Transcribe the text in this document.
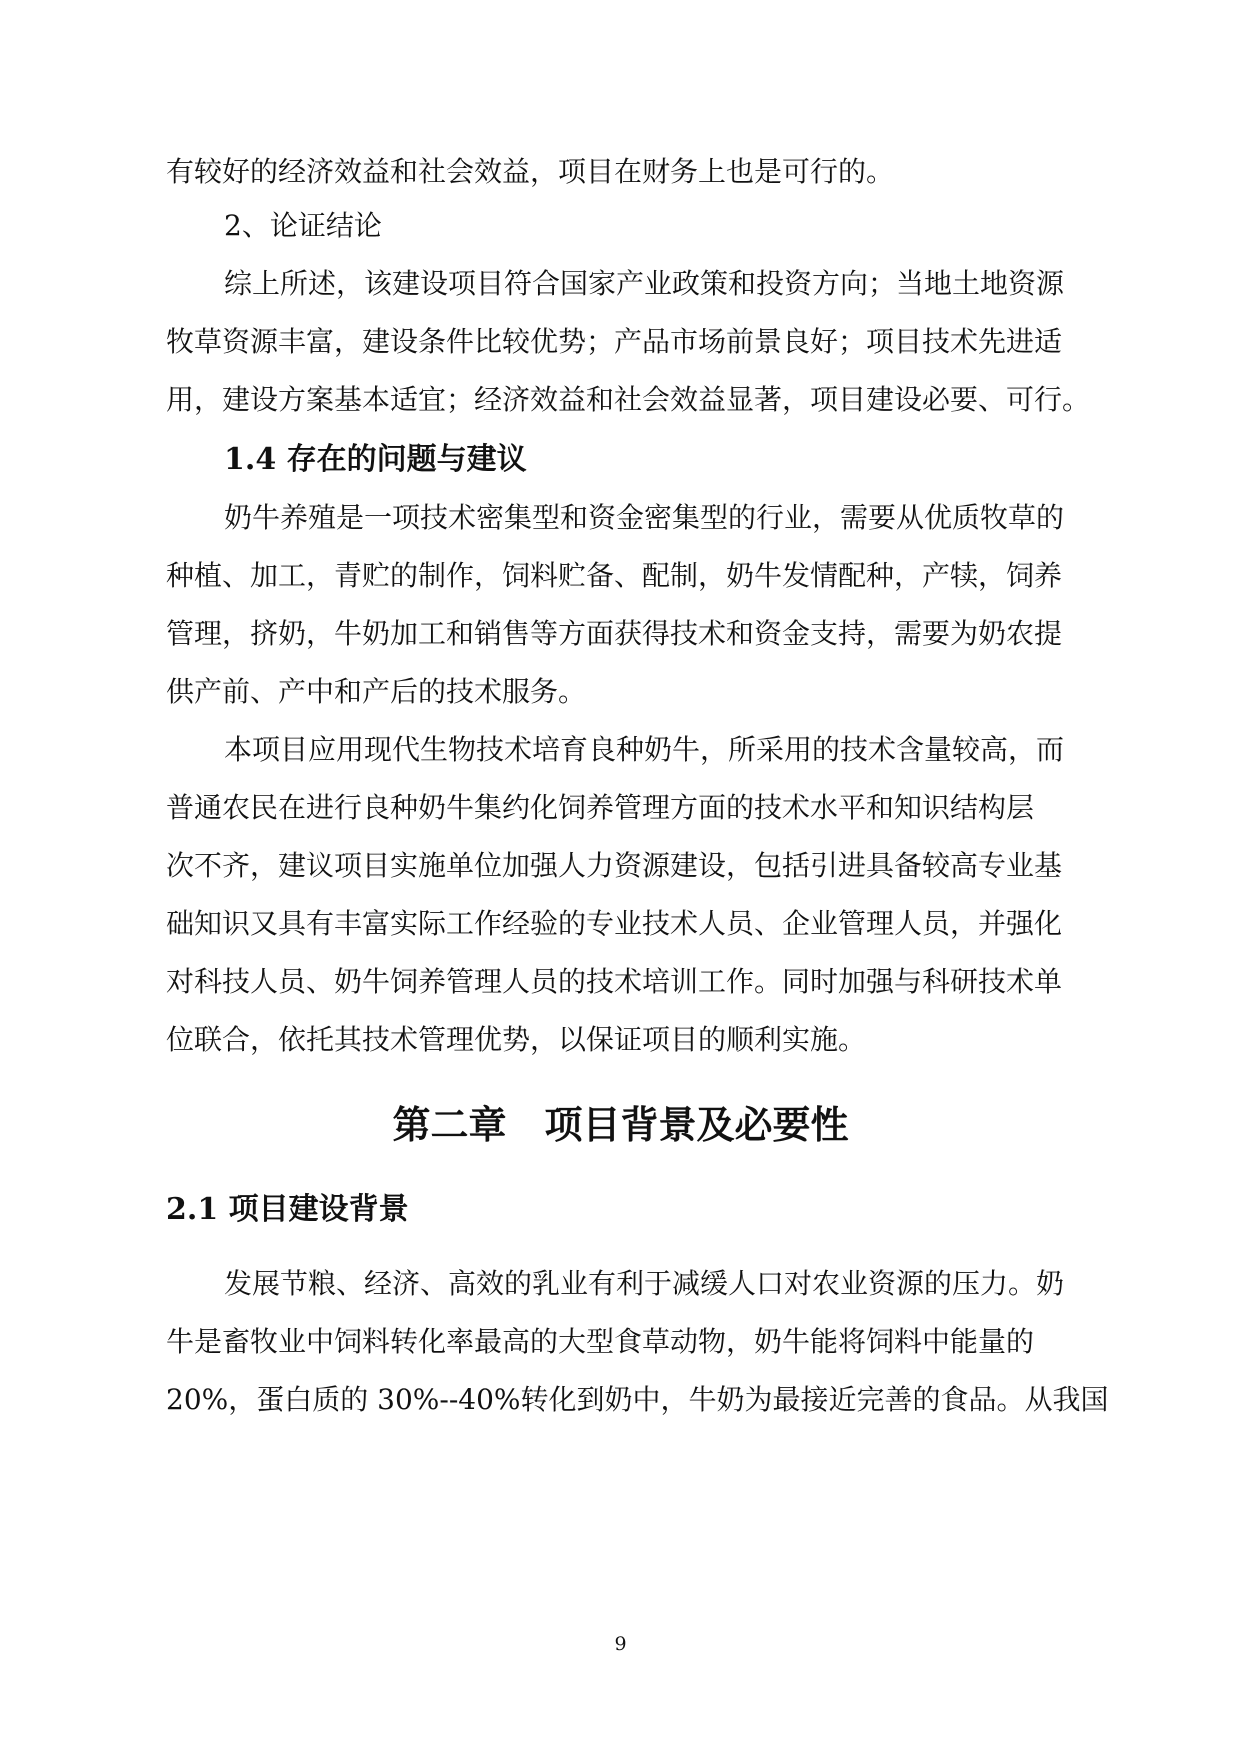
有较好的经济效益和社会效益，项目在财务上也是可行的。
2、论证结论
综上所述，该建设项目符合国家产业政策和投资方向；当地土地资源
牧草资源丰富，建设条件比较优势；产品市场前景良好；项目技术先进适
用，建设方案基本适宜；经济效益和社会效益显著，项目建设必要、可行。
1.4 存在的问题与建议
奶牛养殖是一项技术密集型和资金密集型的行业，需要从优质牧草的
种植、加工，青贮的制作，饲料贮备、配制，奶牛发情配种，产犊，饲养
管理，挤奶，牛奶加工和销售等方面获得技术和资金支持，需要为奶农提
供产前、产中和产后的技术服务。
本项目应用现代生物技术培育良种奶牛，所采用的技术含量较高，而
普通农民在进行良种奶牛集约化饲养管理方面的技术水平和知识结构层
次不齐，建议项目实施单位加强人力资源建设，包括引进具备较高专业基
础知识又具有丰富实际工作经验的专业技术人员、企业管理人员，并强化
对科技人员、奶牛饲养管理人员的技术培训工作。同时加强与科研技术单
位联合，依托其技术管理优势，以保证项目的顺利实施。
第二章　项目背景及必要性
2.1 项目建设背景
发展节粮、经济、高效的乳业有利于减缓人口对农业资源的压力。奶
牛是畜牧业中饲料转化率最高的大型食草动物，奶牛能将饲料中能量的
20%，蛋白质的 30%--40%转化到奶中，牛奶为最接近完善的食品。从我国
9
